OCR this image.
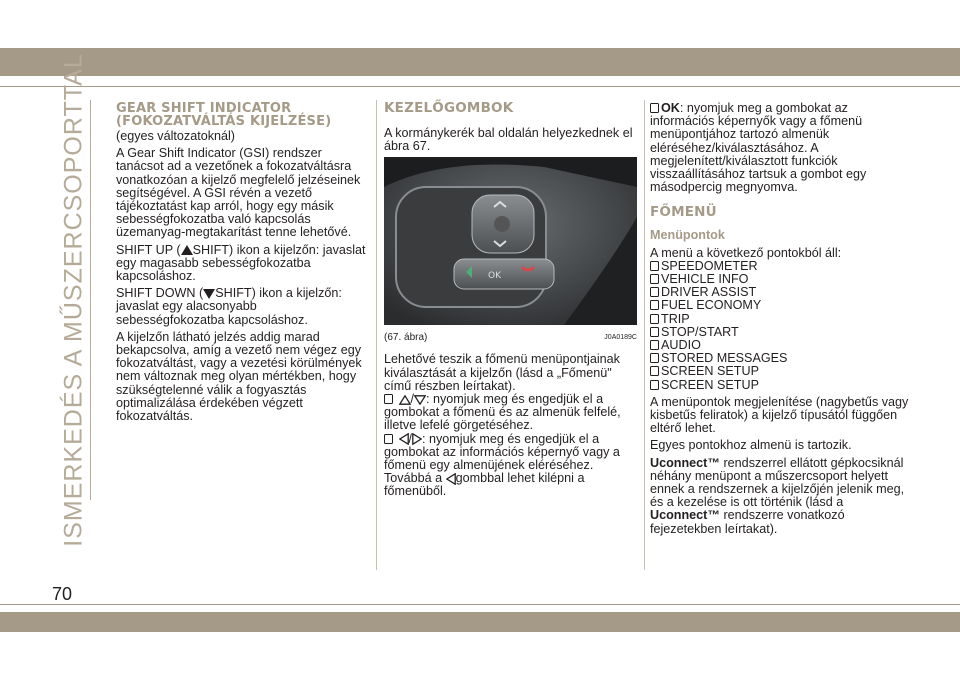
ISMERKEDÉS A MŰSZERCSOPORTTAL
70
GEAR SHIFT INDICATOR
(FOKOZATVÁLTÁS KIJELZÉSE)

(egyes változatoknál)

A Gear Shift Indicator (GSI) rendszer tanácsot ad a vezetőnek a fokozatváltásra vonatkozóan a kijelző megfelelő jelzéseinek segítségével. A GSI révén a vezető tájékoztatást kap arról, hogy egy másik sebességfokozatba való kapcsolás üzemanyag-megtakarítást tenne lehetővé.

SHIFT UP ( SHIFT) ikon a kijelzőn: javaslat egy magasabb sebességfokozatba kapcsoláshoz.

SHIFT DOWN ( SHIFT) ikon a kijelzőn: javaslat egy alacsonyabb sebességfokozatba kapcsoláshoz.

A kijelzőn látható jelzés addig marad bekapcsolva, amíg a vezető nem végez egy fokozatváltást, vagy a vezetési körülmények nem változnak meg olyan mértékben, hogy szükségtelenné válik a fogyasztás optimalizálása érdekében végzett fokozatváltás.

KEZELŐGOMBOK

A kormánykerék bal oldalán helyezkednek el ábra 67.

OK
(67. ábra)	J0A0189C

Lehetővé teszik a főmenü menüpontjainak kiválasztását a kijelzőn (lásd a „Főmenü" című részben leírtakat).

/ : nyomjuk meg és engedjük el a gombokat a főmenü és az almenük felfelé, illetve lefelé görgetéséhez.

/ : nyomjuk meg és engedjük el a gombokat az információs képernyő vagy a főmenü egy almenüjének eléréséhez.

Továbbá a gombbal lehet kilépni a főmenüből.

OK: nyomjuk meg a gombokat az információs képernyők vagy a főmenü menüpontjához tartozó almenük eléréséhez/kiválasztásához. A megjelenített/kiválasztott funkciók visszaállításához tartsuk a gombot egy másodpercig megnyomva.

FŐMENÜ
Menüpontok

A menü a következő pontokból áll:

SPEEDOMETER
VEHICLE INFO
DRIVER ASSIST
FUEL ECONOMY
TRIP
STOP/START
AUDIO
STORED MESSAGES
SCREEN SETUP
SCREEN SETUP

A menüpontok megjelenítése (nagybetűs vagy kisbetűs feliratok) a kijelző típusától függően eltérő lehet.

Egyes pontokhoz almenü is tartozik.

Uconnect™ rendszerrel ellátott gépkocsiknál néhány menüpont a műszercsoport helyett ennek a rendszernek a kijelzőjén jelenik meg, és a kezelése is ott történik (lásd a
Uconnect™ rendszerre vonatkozó fejezetekben leírtakat).
